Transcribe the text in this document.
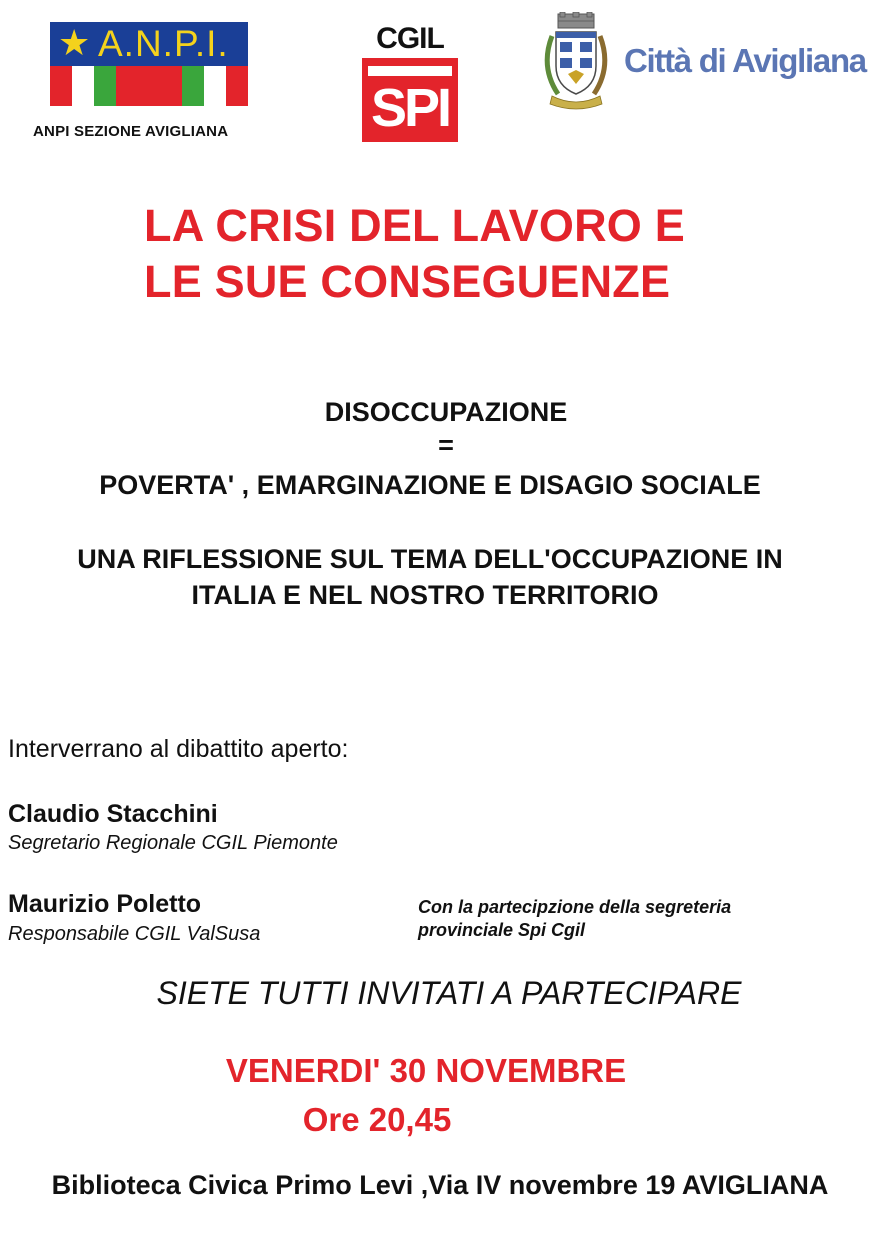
★ A.N.P.I.
ANPI SEZIONE AVIGLIANA
CGIL
SPI
Città di Avigliana
LA CRISI DEL LAVORO E
LE SUE CONSEGUENZE
DISOCCUPAZIONE
=
POVERTA' , EMARGINAZIONE E DISAGIO SOCIALE
UNA RIFLESSIONE SUL TEMA DELL'OCCUPAZIONE IN
ITALIA E NEL NOSTRO TERRITORIO
Interverrano al dibattito aperto:
Claudio Stacchini
Segretario Regionale CGIL Piemonte
Maurizio Poletto
Responsabile CGIL ValSusa
Con la partecipzione della segreteria
provinciale Spi Cgil
SIETE TUTTI INVITATI A PARTECIPARE
VENERDI' 30 NOVEMBRE
Ore 20,45
Biblioteca Civica Primo Levi ,Via IV novembre 19 AVIGLIANA
